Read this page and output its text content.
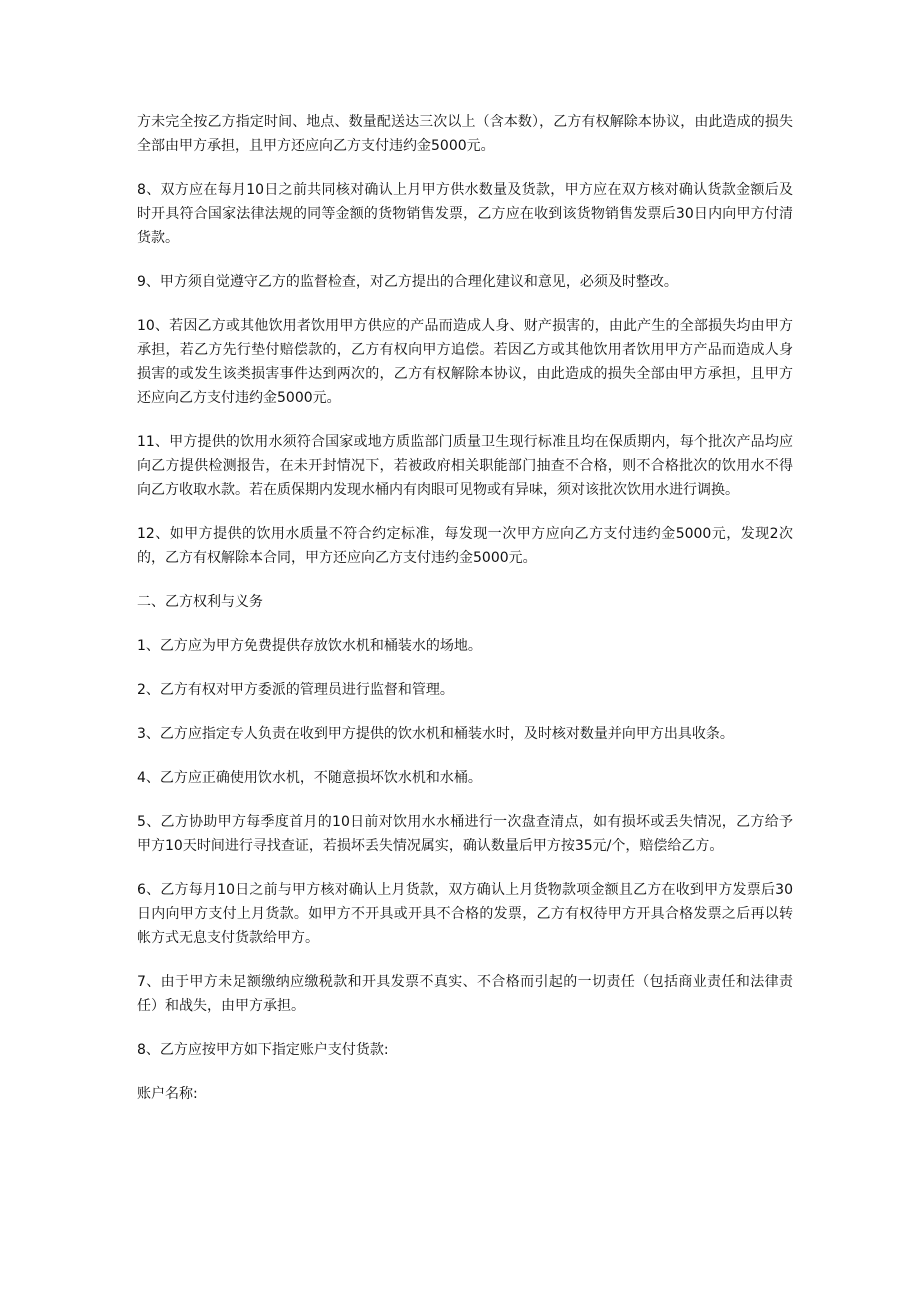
方未完全按乙方指定时间、地点、数量配送达三次以上（含本数），乙方有权解除本协议，由此造成的损失全部由甲方承担，且甲方还应向乙方支付违约金5000元。

8、双方应在每月10日之前共同核对确认上月甲方供水数量及货款，甲方应在双方核对确认货款金额后及时开具符合国家法律法规的同等金额的货物销售发票，乙方应在收到该货物销售发票后30日内向甲方付清货款。

9、甲方须自觉遵守乙方的监督检查，对乙方提出的合理化建议和意见，必须及时整改。

10、若因乙方或其他饮用者饮用甲方供应的产品而造成人身、财产损害的，由此产生的全部损失均由甲方承担，若乙方先行垫付赔偿款的，乙方有权向甲方追偿。若因乙方或其他饮用者饮用甲方产品而造成人身损害的或发生该类损害事件达到两次的，乙方有权解除本协议，由此造成的损失全部由甲方承担，且甲方还应向乙方支付违约金5000元。

11、甲方提供的饮用水须符合国家或地方质监部门质量卫生现行标准且均在保质期内，每个批次产品均应向乙方提供检测报告，在未开封情况下，若被政府相关职能部门抽查不合格，则不合格批次的饮用水不得向乙方收取水款。若在质保期内发现水桶内有肉眼可见物或有异味，须对该批次饮用水进行调换。

12、如甲方提供的饮用水质量不符合约定标准，每发现一次甲方应向乙方支付违约金5000元，发现2次的，乙方有权解除本合同，甲方还应向乙方支付违约金5000元。

二、乙方权利与义务

1、乙方应为甲方免费提供存放饮水机和桶装水的场地。

2、乙方有权对甲方委派的管理员进行监督和管理。

3、乙方应指定专人负责在收到甲方提供的饮水机和桶装水时，及时核对数量并向甲方出具收条。

4、乙方应正确使用饮水机，不随意损坏饮水机和水桶。

5、乙方协助甲方每季度首月的10日前对饮用水水桶进行一次盘查清点，如有损坏或丢失情况，乙方给予甲方10天时间进行寻找查证，若损坏丢失情况属实，确认数量后甲方按35元/个，赔偿给乙方。

6、乙方每月10日之前与甲方核对确认上月货款，双方确认上月货物款项金额且乙方在收到甲方发票后30日内向甲方支付上月货款。如甲方不开具或开具不合格的发票，乙方有权待甲方开具合格发票之后再以转帐方式无息支付货款给甲方。

7、由于甲方未足额缴纳应缴税款和开具发票不真实、不合格而引起的一切责任（包括商业责任和法律责任）和战失，由甲方承担。

8、乙方应按甲方如下指定账户支付货款:

账户名称:
